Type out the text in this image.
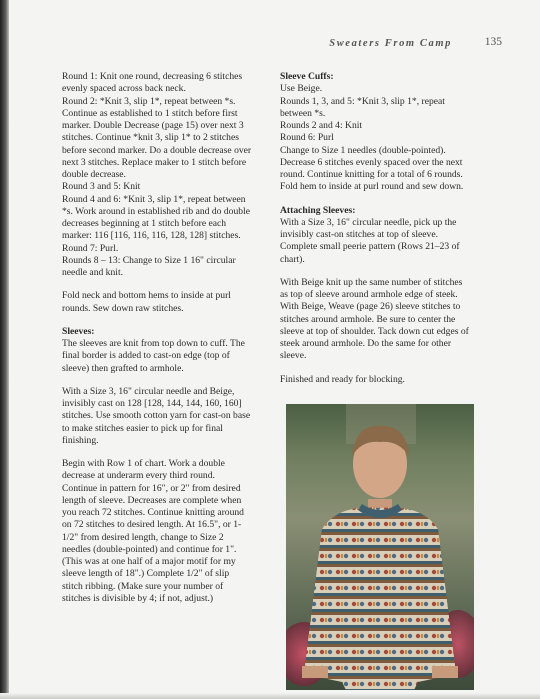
Sweaters From Camp	135
Round 1: Knit one round, decreasing 6 stitches
evenly spaced across back neck.
Round 2: *Knit 3, slip 1*, repeat between *s.
Continue as established to 1 stitch before first
marker. Double Decrease (page 15) over next 3
stitches. Continue *knit 3, slip 1* to 2 stitches
before second marker. Do a double decrease over
next 3 stitches. Replace maker to 1 stitch before
double decrease.
Round 3 and 5: Knit
Round 4 and 6: *Knit 3, slip 1*, repeat between
*s. Work around in established rib and do double
decreases beginning at 1 stitch before each
marker: 116 [116, 116, 116, 128, 128] stitches.
Round 7: Purl.
Rounds 8 – 13: Change to Size 1 16" circular
needle and knit.
Fold neck and bottom hems to inside at purl
rounds. Sew down raw stitches.
Sleeves:
The sleeves are knit from top down to cuff. The
final border is added to cast-on edge (top of
sleeve) then grafted to armhole.
With a Size 3, 16" circular needle and Beige,
invisibly cast on 128 [128, 144, 144, 160, 160]
stitches. Use smooth cotton yarn for cast-on base
to make stitches easier to pick up for final
finishing.
Begin with Row 1 of chart. Work a double
decrease at underarm every third round.
Continue in pattern for 16", or 2" from desired
length of sleeve. Decreases are complete when
you reach 72 stitches. Continue knitting around
on 72 stitches to desired length. At 16.5", or 1-
1/2" from desired length, change to Size 2
needles (double-pointed) and continue for 1".
(This was at one half of a major motif for my
sleeve length of 18".) Complete 1/2" of slip
stitch ribbing. (Make sure your number of
stitches is divisible by 4; if not, adjust.)
Sleeve Cuffs:
Use Beige.
Rounds 1, 3, and 5: *Knit 3, slip 1*, repeat
between *s.
Rounds 2 and 4: Knit
Round 6: Purl
Change to Size 1 needles (double-pointed).
Decrease 6 stitches evenly spaced over the next
round. Continue knitting for a total of 6 rounds.
Fold hem to inside at purl round and sew down.
Attaching Sleeves:
With a Size 3, 16" circular needle, pick up the
invisibly cast-on stitches at top of sleeve.
Complete small peerie pattern (Rows 21–23 of
chart).
With Beige knit up the same number of stitches
as top of sleeve around armhole edge of steek.
With Beige, Weave (page 26) sleeve stitches to
stitches around armhole. Be sure to center the
sleeve at top of shoulder. Tack down cut edges of
steek around armhole. Do the same for other
sleeve.
Finished and ready for blocking.
